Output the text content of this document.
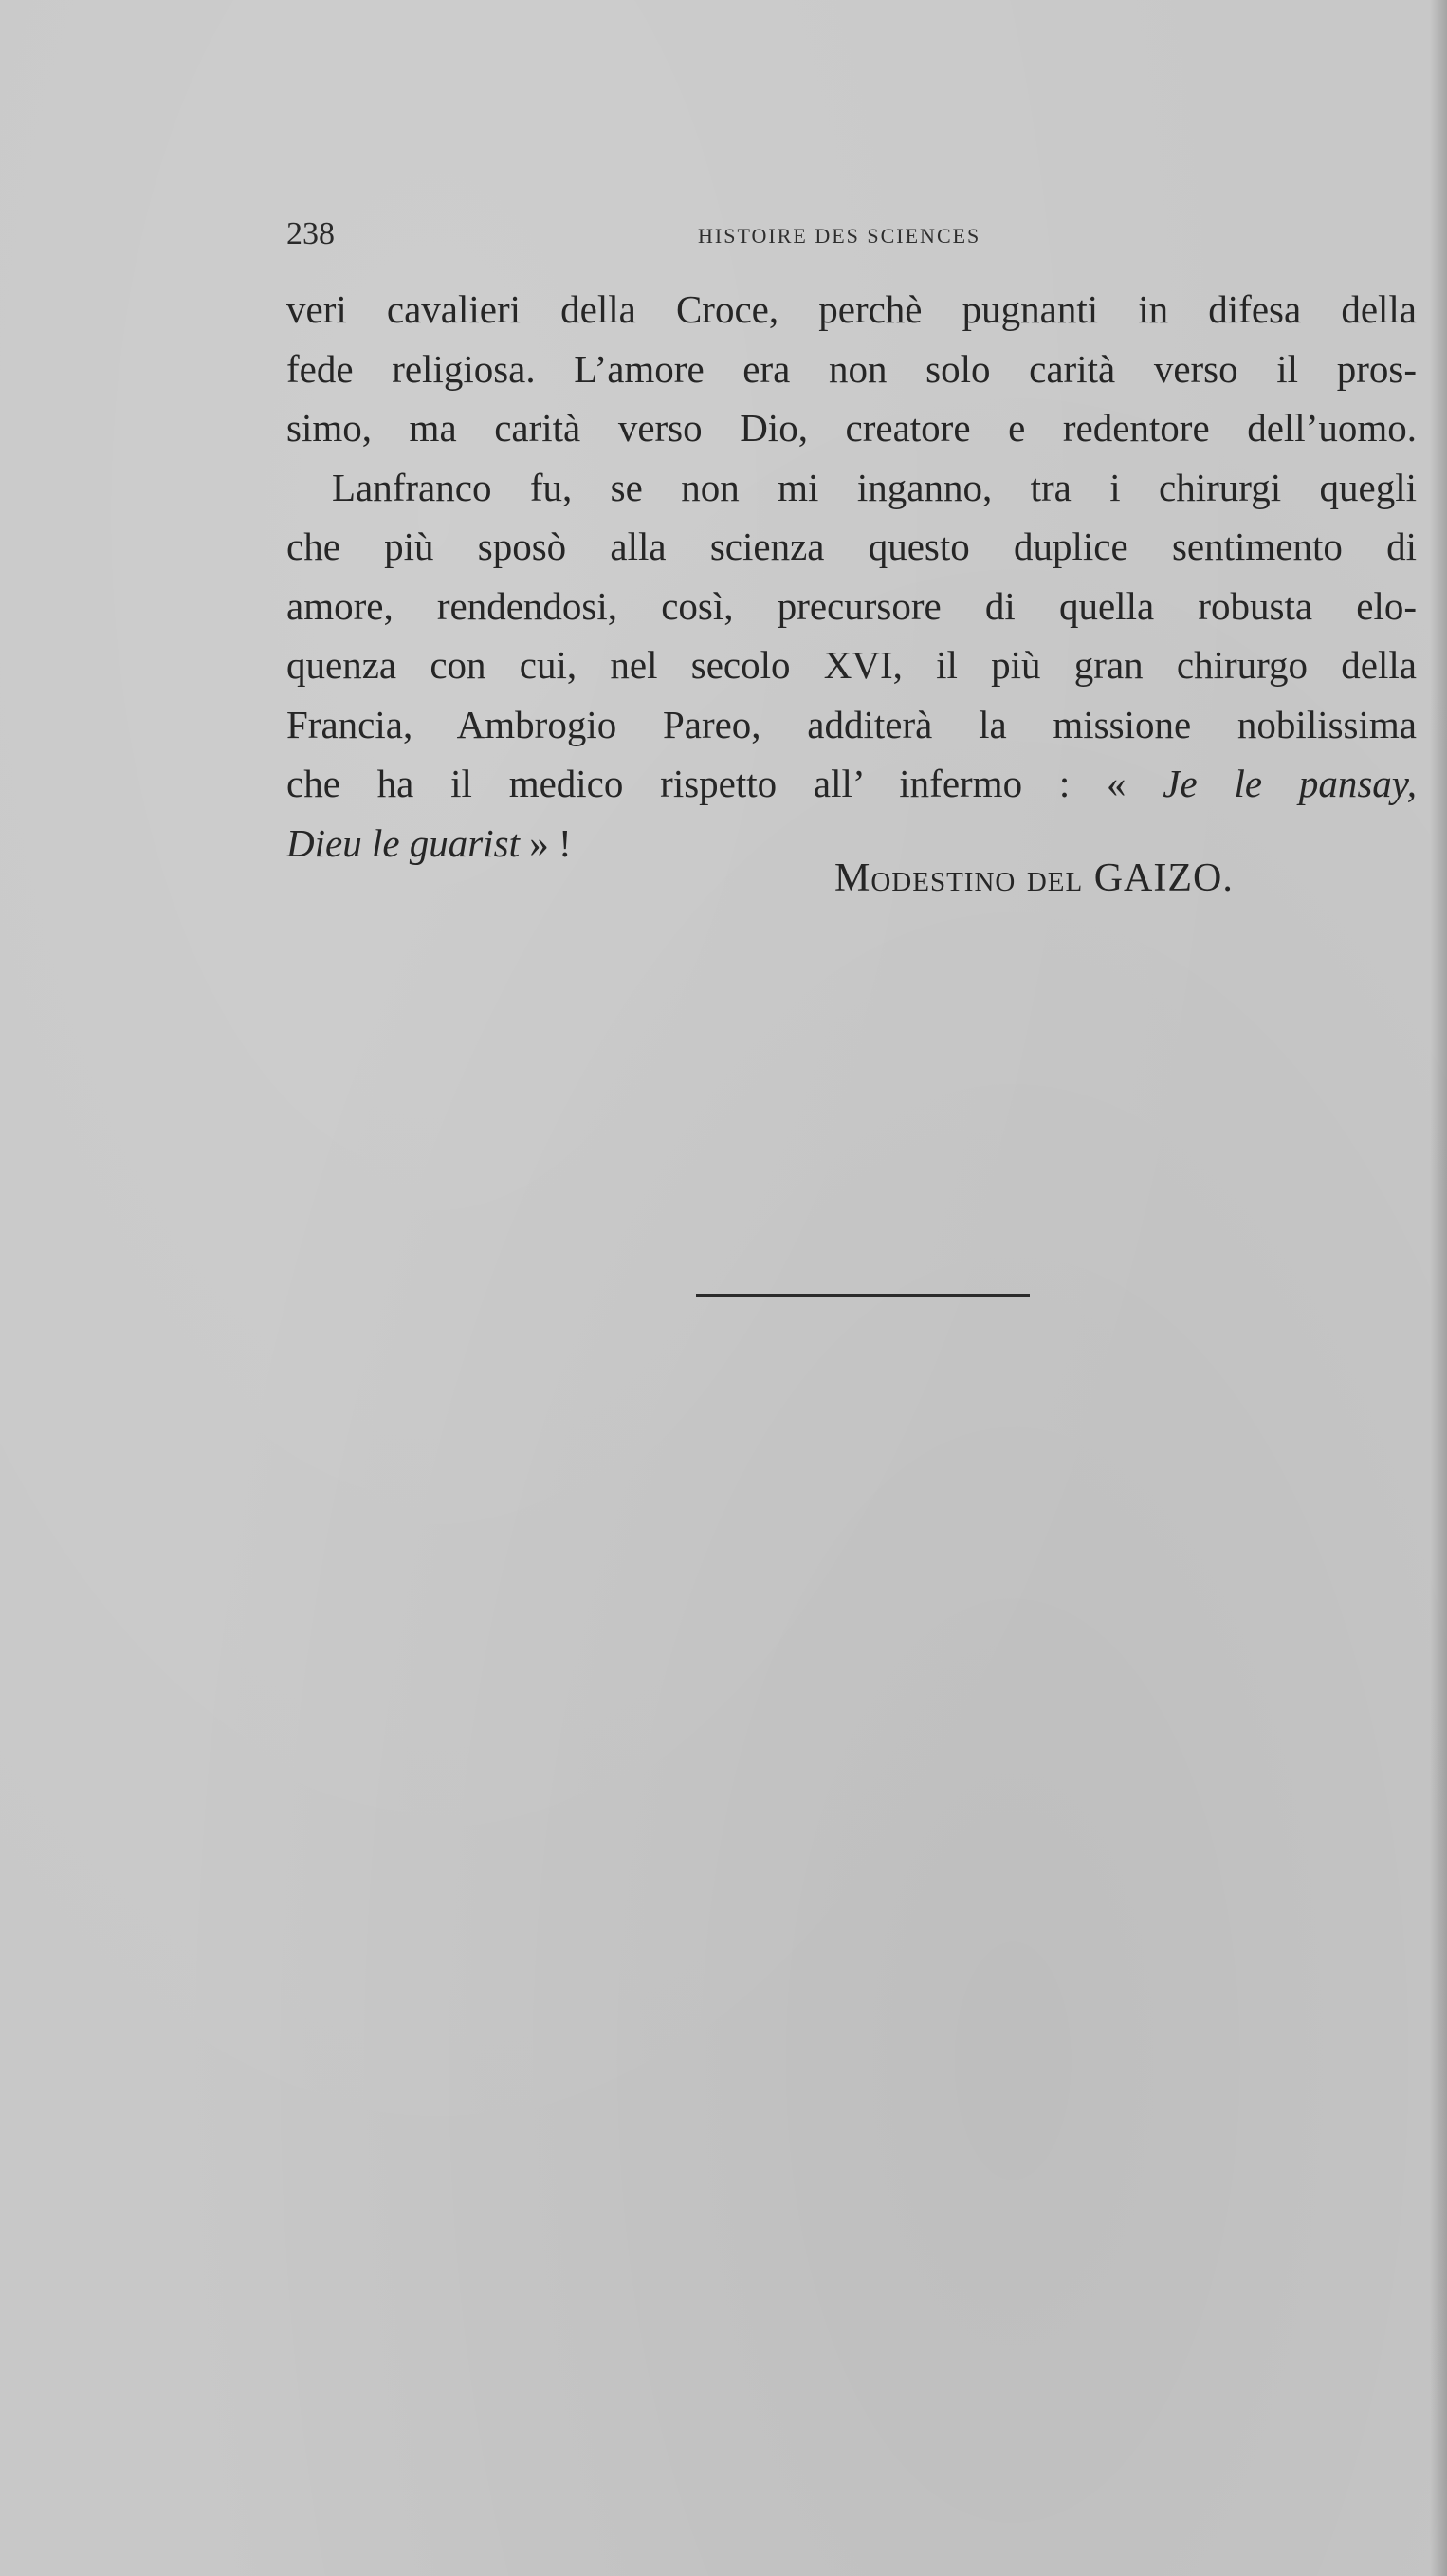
238	HISTOIRE DES SCIENCES
veri cavalieri della Croce, perchè pugnanti in difesa della
fede religiosa. L’amore era non solo carità verso il pros-
simo, ma carità verso Dio, creatore e redentore dell’uomo.
Lanfranco fu, se non mi inganno, tra i chirurgi quegli
che più sposò alla scienza questo duplice sentimento di
amore, rendendosi, così, precursore di quella robusta elo-
quenza con cui, nel secolo XVI, il più gran chirurgo della
Francia, Ambrogio Pareo, additerà la missione nobilissima
che ha il medico rispetto all’ infermo : « Je le pansay,
Dieu le guarist » !
Modestino del GAIZO.
